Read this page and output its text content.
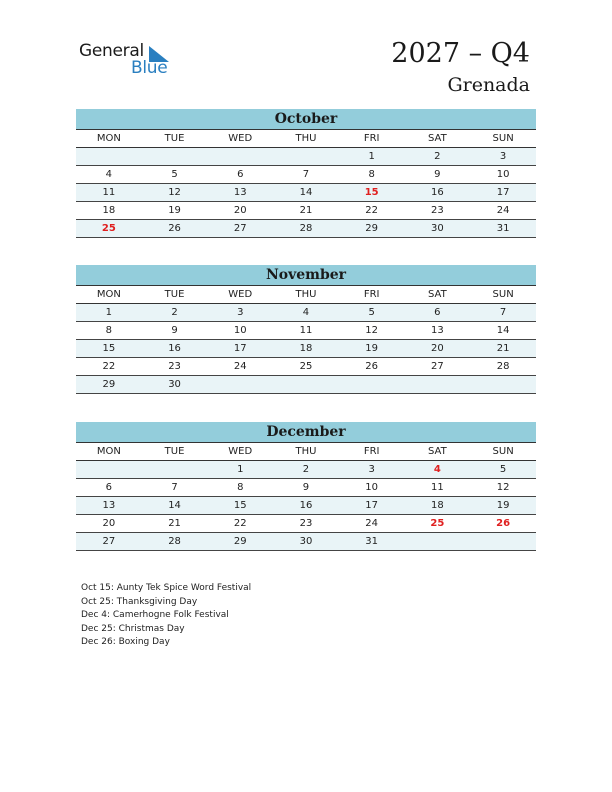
General
Blue	2027 – Q4
Grenada
October
MON	TUE	WED	THU	FRI	SAT	SUN
				1	2	3
4	5	6	7	8	9	10
11	12	13	14	15	16	17
18	19	20	21	22	23	24
25	26	27	28	29	30	31
November
MON	TUE	WED	THU	FRI	SAT	SUN
1	2	3	4	5	6	7
8	9	10	11	12	13	14
15	16	17	18	19	20	21
22	23	24	25	26	27	28
29	30					
December
MON	TUE	WED	THU	FRI	SAT	SUN
		1	2	3	4	5
6	7	8	9	10	11	12
13	14	15	16	17	18	19
20	21	22	23	24	25	26
27	28	29	30	31		
Oct 15: Aunty Tek Spice Word Festival
Oct 25: Thanksgiving Day
Dec 4: Camerhogne Folk Festival
Dec 25: Christmas Day
Dec 26: Boxing Day
